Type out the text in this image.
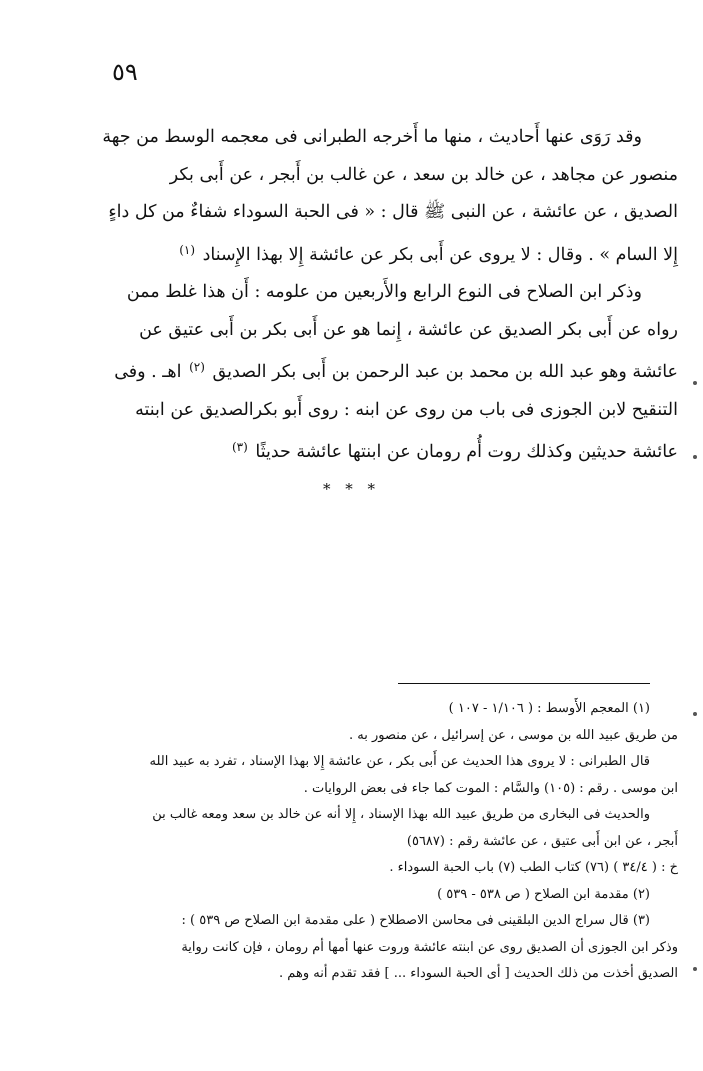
٥٩

وقد رَوَى عنها أَحاديث ، منها ما أَخرجه الطبرانى فى معجمه الوسط من جهة

منصور عن مجاهد ، عن خالد بن سعد ، عن غالب بن أَبجر ، عن أَبى بكر

الصديق ، عن عائشة ، عن النبى ﷺ قال : « فى الحبة السوداء شفاءٌ من كل داءٍ

إِلا السام » . وقال : لا يروى عن أَبى بكر عن عائشة إِلا بهذا الإِسناد $^{(١)}$

وذكر ابن الصلاح فى النوع الرابع والأَربعين من علومه : أَن هذا غلط ممن

رواه عن أَبى بكر الصديق عن عائشة ، إِنما هو عن أَبى بكر بن أَبى عتيق عن

عائشة وهو عبد الله بن محمد بن عبد الرحمن بن أَبى بكر الصديق $^{(٢)}$ اهـ . وفى

التنقيح لابن الجوزى فى باب من روى عن ابنه : روى أَبو بكرالصديق عن ابنته

عائشة حديثين وكذلك روت أُم رومان عن ابنتها عائشة حديثًا $^{(٣)}$

* * *

(١) المعجم الأَوسط : ( ١/١٠٦ - ١٠٧ )

من طريق عبيد الله بن موسى ، عن إسرائيل ، عن منصور به .

قال الطبرانى : لا يروى هذا الحديث عن أَبى بكر ، عن عائشة إِلا بهذا الإسناد ، تفرد به عبيد الله

ابن موسى . رقم : (١٠٥) والسَّام : الموت كما جاء فى بعض الروايات .

والحديث فى البخارى من طريق عبيد الله بهذا الإسناد ، إِلا أنه عن خالد بن سعد ومعه غالب بن

أَبجر ، عن ابن أَبى عتيق ، عن عائشة رقم : (٥٦٨٧)

خ : ( ٣٤/٤ ) (٧٦) كتاب الطب (٧) باب الحبة السوداء .

(٢) مقدمة ابن الصلاح ( ص ٥٣٨ - ٥٣٩ )

(٣) قال سراج الدين البلقينى فى محاسن الاصطلاح ( على مقدمة ابن الصلاح ص ٥٣٩ ) :

وذكر ابن الجوزى أن الصديق روى عن ابنته عائشة وروت عنها أمها أم رومان ، فإن كانت رواية

الصديق أخذت من ذلك الحديث [ أى الحبة السوداء ... ] فقد تقدم أنه وهم .
